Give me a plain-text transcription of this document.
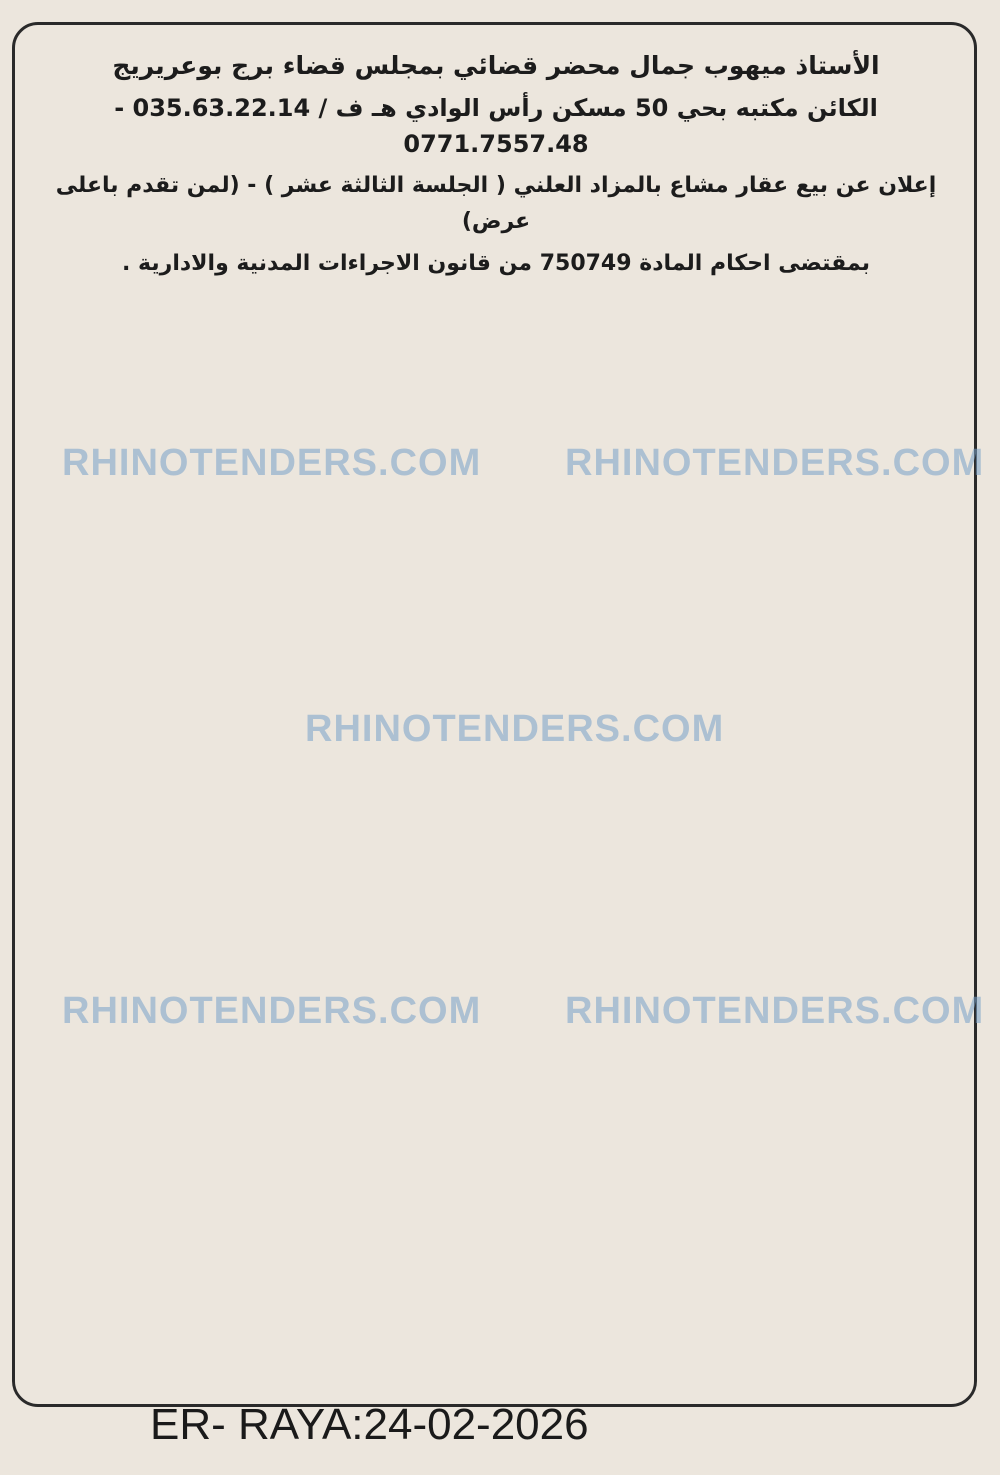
الأستاذ ميهوب جمال محضر قضائي بمجلس قضاء برج بوعريريج
الكائن مكتبه بحي 50 مسكن رأس الوادي هـ ف / 035.63.22.14 - 0771.7557.48
إعلان عن بيع عقار مشاع بالمزاد العلني ( الجلسة الثالثة عشر ) - (لمن تقدم باعلى عرض)
بمقتضى احكام المادة 750749 من قانون الاجراءات المدنية والادارية .
RHINOTENDERS.COM RHINOTENDERS.COM
RHINOTENDERS.COM
RHINOTENDERS.COM RHINOTENDERS.COM
ER- RAYA:24-02-2026
